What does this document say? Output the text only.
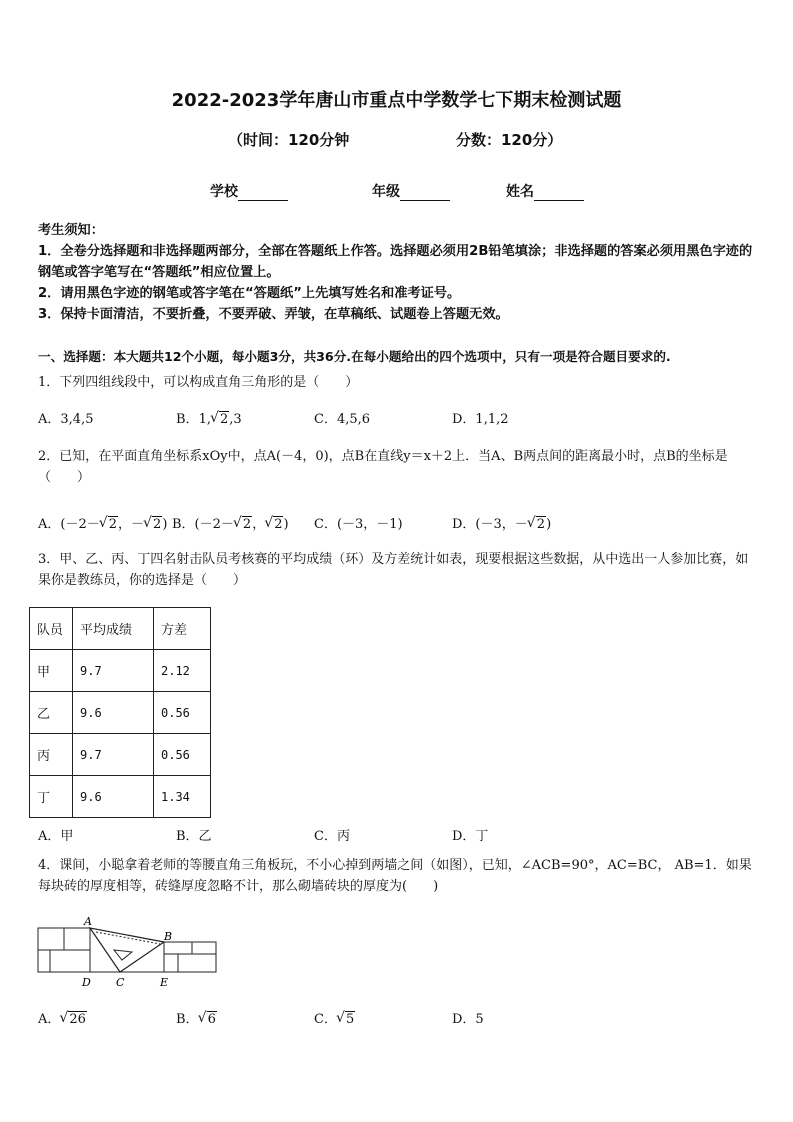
2022-2023学年唐山市重点中学数学七下期末检测试题
（时间：120分钟	分数：120分）
学校	年级	姓名
考生须知：
1．全卷分选择题和非选择题两部分，全部在答题纸上作答。选择题必须用2B铅笔填涂；非选择题的答案必须用黑色字迹的钢笔或答字笔写在“答题纸”相应位置上。
2．请用黑色字迹的钢笔或答字笔在“答题纸”上先填写姓名和准考证号。
3．保持卡面清洁，不要折叠，不要弄破、弄皱，在草稿纸、试题卷上答题无效。
一、选择题：本大题共12个小题，每小题3分，共36分.在每小题给出的四个选项中，只有一项是符合题目要求的.
1．下列四组线段中，可以构成直角三角形的是（　　）
A．3,4,5	B．1, √ 2,3	C．4,5,6	D．1,1,2
2．已知，在平面直角坐标系xOy中，点A(－4，0)，点B在直线y＝x＋2上．当A、B两点间的距离最小时，点B的坐标是（　　）
A．(－2－ √ 2，－ √ 2) B．(－2－ √ 2， √ 2) C．(－3，－1)	D．(－3，－ √ 2)
3．甲、乙、丙、丁四名射击队员考核赛的平均成绩（环）及方差统计如表，现要根据这些数据，从中选出一人参加比赛，如果你是教练员，你的选择是（　　）
队员	平均成绩	方差
甲	9.7	2.12
乙	9.6	0.56
丙	9.7	0.56
丁	9.6	1.34
A．甲	B．乙	C．丙	D．丁
4．课间，小聪拿着老师的等腰直角三角板玩，不小心掉到两墙之间（如图），已知，∠ACB=90°，AC=BC， AB=1．如果每块砖的厚度相等，砖缝厚度忽略不计，那么砌墙砖块的厚度为(　　)
A
B
C
D	E
A． √ 26	B． √ 6	C． √ 5	D．5
